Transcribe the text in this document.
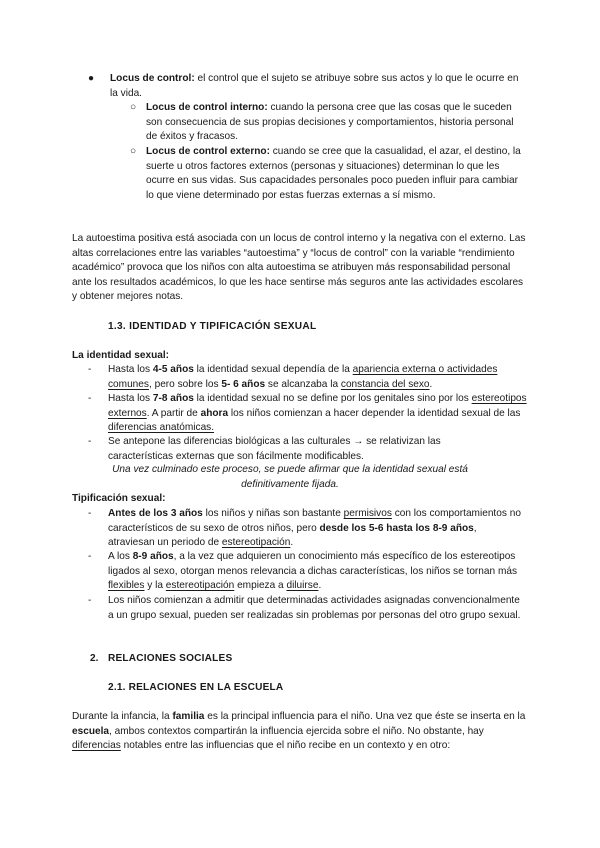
● Locus de control: el control que el sujeto se atribuye sobre sus actos y lo que le ocurre en la vida.
○ Locus de control interno: cuando la persona cree que las cosas que le suceden son consecuencia de sus propias decisiones y comportamientos, historia personal de éxitos y fracasos.
○ Locus de control externo: cuando se cree que la casualidad, el azar, el destino, la suerte u otros factores externos (personas y situaciones) determinan lo que les ocurre en sus vidas. Sus capacidades personales poco pueden influir para cambiar lo que viene determinado por estas fuerzas externas a sí mismo.
La autoestima positiva está asociada con un locus de control interno y la negativa con el externo. Las altas correlaciones entre las variables “autoestima” y “locus de control” con la variable “rendimiento académico” provoca que los niños con alta autoestima se atribuyen más responsabilidad personal ante los resultados académicos, lo que les hace sentirse más seguros ante las actividades escolares y obtener mejores notas.
1.3. IDENTIDAD Y TIPIFICACIÓN SEXUAL
La identidad sexual:
- Hasta los 4-5 años la identidad sexual dependía de la apariencia externa o actividades comunes, pero sobre los 5- 6 años se alcanzaba la constancia del sexo.
- Hasta los 7-8 años la identidad sexual no se define por los genitales sino por los estereotipos externos. A partir de ahora los niños comienzan a hacer depender la identidad sexual de las diferencias anatómicas.
- Se antepone las diferencias biológicas a las culturales → se relativizan las características externas que son fácilmente modificables.
Una vez culminado este proceso, se puede afirmar que la identidad sexual está definitivamente fijada.
Tipificación sexual:
- Antes de los 3 años los niños y niñas son bastante permisivos con los comportamientos no característicos de su sexo de otros niños, pero desde los 5-6 hasta los 8-9 años, atraviesan un periodo de estereotipación.
- A los 8-9 años, a la vez que adquieren un conocimiento más específico de los estereotipos ligados al sexo, otorgan menos relevancia a dichas características, los niños se tornan más flexibles y la estereotipación empieza a diluirse.
- Los niños comienzan a admitir que determinadas actividades asignadas convencionalmente a un grupo sexual, pueden ser realizadas sin problemas por personas del otro grupo sexual.
2. RELACIONES SOCIALES
2.1. RELACIONES EN LA ESCUELA
Durante la infancia, la familia es la principal influencia para el niño. Una vez que éste se inserta en la escuela, ambos contextos compartirán la influencia ejercida sobre el niño. No obstante, hay diferencias notables entre las influencias que el niño recibe en un contexto y en otro:
